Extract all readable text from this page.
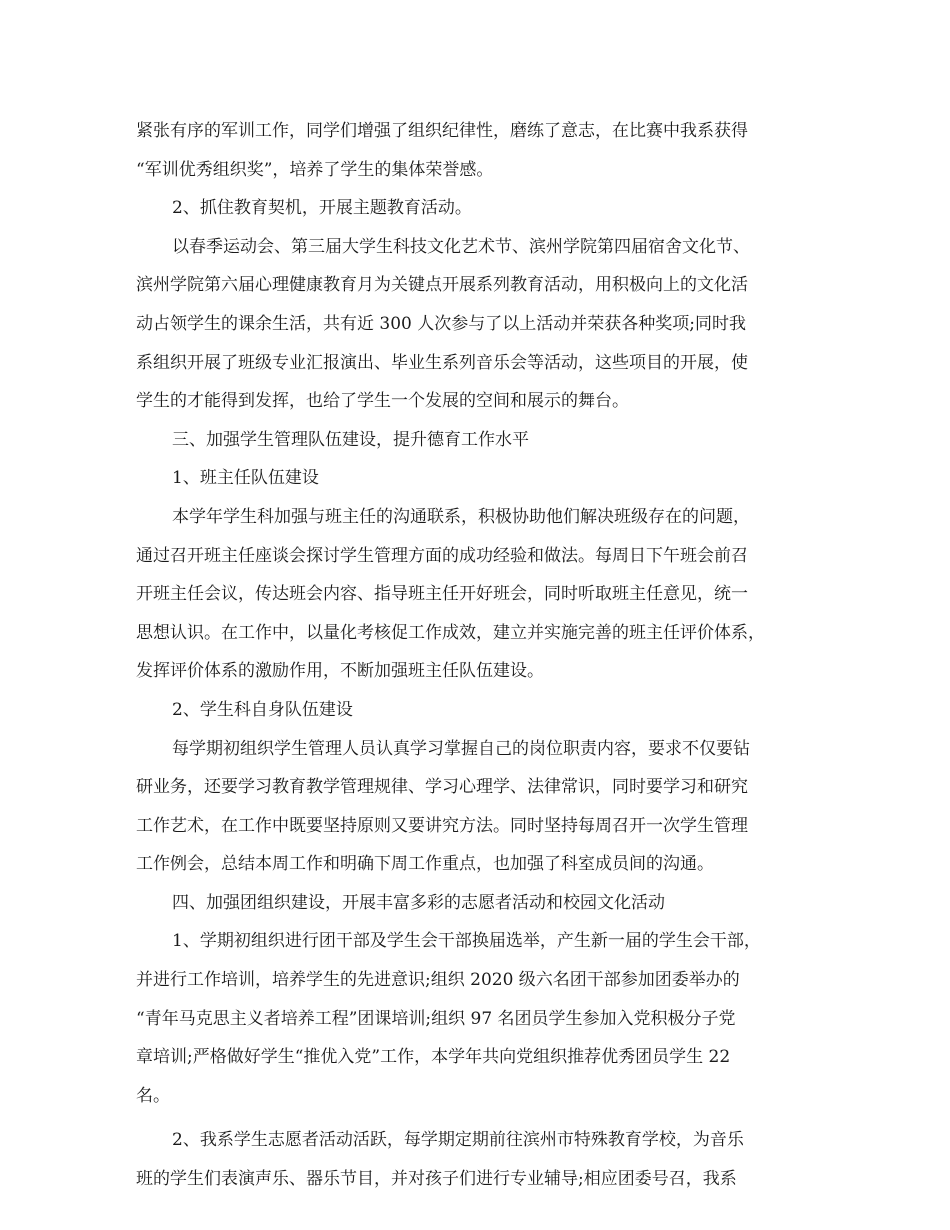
紧张有序的军训工作，同学们增强了组织纪律性，磨练了意志，在比赛中我系获得
“军训优秀组织奖”，培养了学生的集体荣誉感。
2、抓住教育契机，开展主题教育活动。
以春季运动会、第三届大学生科技文化艺术节、滨州学院第四届宿舍文化节、
滨州学院第六届心理健康教育月为关键点开展系列教育活动，用积极向上的文化活
动占领学生的课余生活，共有近 300 人次参与了以上活动并荣获各种奖项;同时我
系组织开展了班级专业汇报演出、毕业生系列音乐会等活动，这些项目的开展，使
学生的才能得到发挥，也给了学生一个发展的空间和展示的舞台。
三、加强学生管理队伍建设，提升德育工作水平
1、班主任队伍建设
本学年学生科加强与班主任的沟通联系，积极协助他们解决班级存在的问题，
通过召开班主任座谈会探讨学生管理方面的成功经验和做法。每周日下午班会前召
开班主任会议，传达班会内容、指导班主任开好班会，同时听取班主任意见，统一
思想认识。在工作中，以量化考核促工作成效，建立并实施完善的班主任评价体系，
发挥评价体系的激励作用，不断加强班主任队伍建设。
2、学生科自身队伍建设
每学期初组织学生管理人员认真学习掌握自己的岗位职责内容，要求不仅要钻
研业务，还要学习教育教学管理规律、学习心理学、法律常识，同时要学习和研究
工作艺术，在工作中既要坚持原则又要讲究方法。同时坚持每周召开一次学生管理
工作例会，总结本周工作和明确下周工作重点，也加强了科室成员间的沟通。
四、加强团组织建设，开展丰富多彩的志愿者活动和校园文化活动
1、学期初组织进行团干部及学生会干部换届选举，产生新一届的学生会干部，
并进行工作培训，培养学生的先进意识;组织 2020 级六名团干部参加团委举办的
“青年马克思主义者培养工程”团课培训;组织 97 名团员学生参加入党积极分子党
章培训;严格做好学生“推优入党”工作，本学年共向党组织推荐优秀团员学生 22
名。
2、我系学生志愿者活动活跃，每学期定期前往滨州市特殊教育学校，为音乐
班的学生们表演声乐、器乐节目，并对孩子们进行专业辅导;相应团委号召，我系
